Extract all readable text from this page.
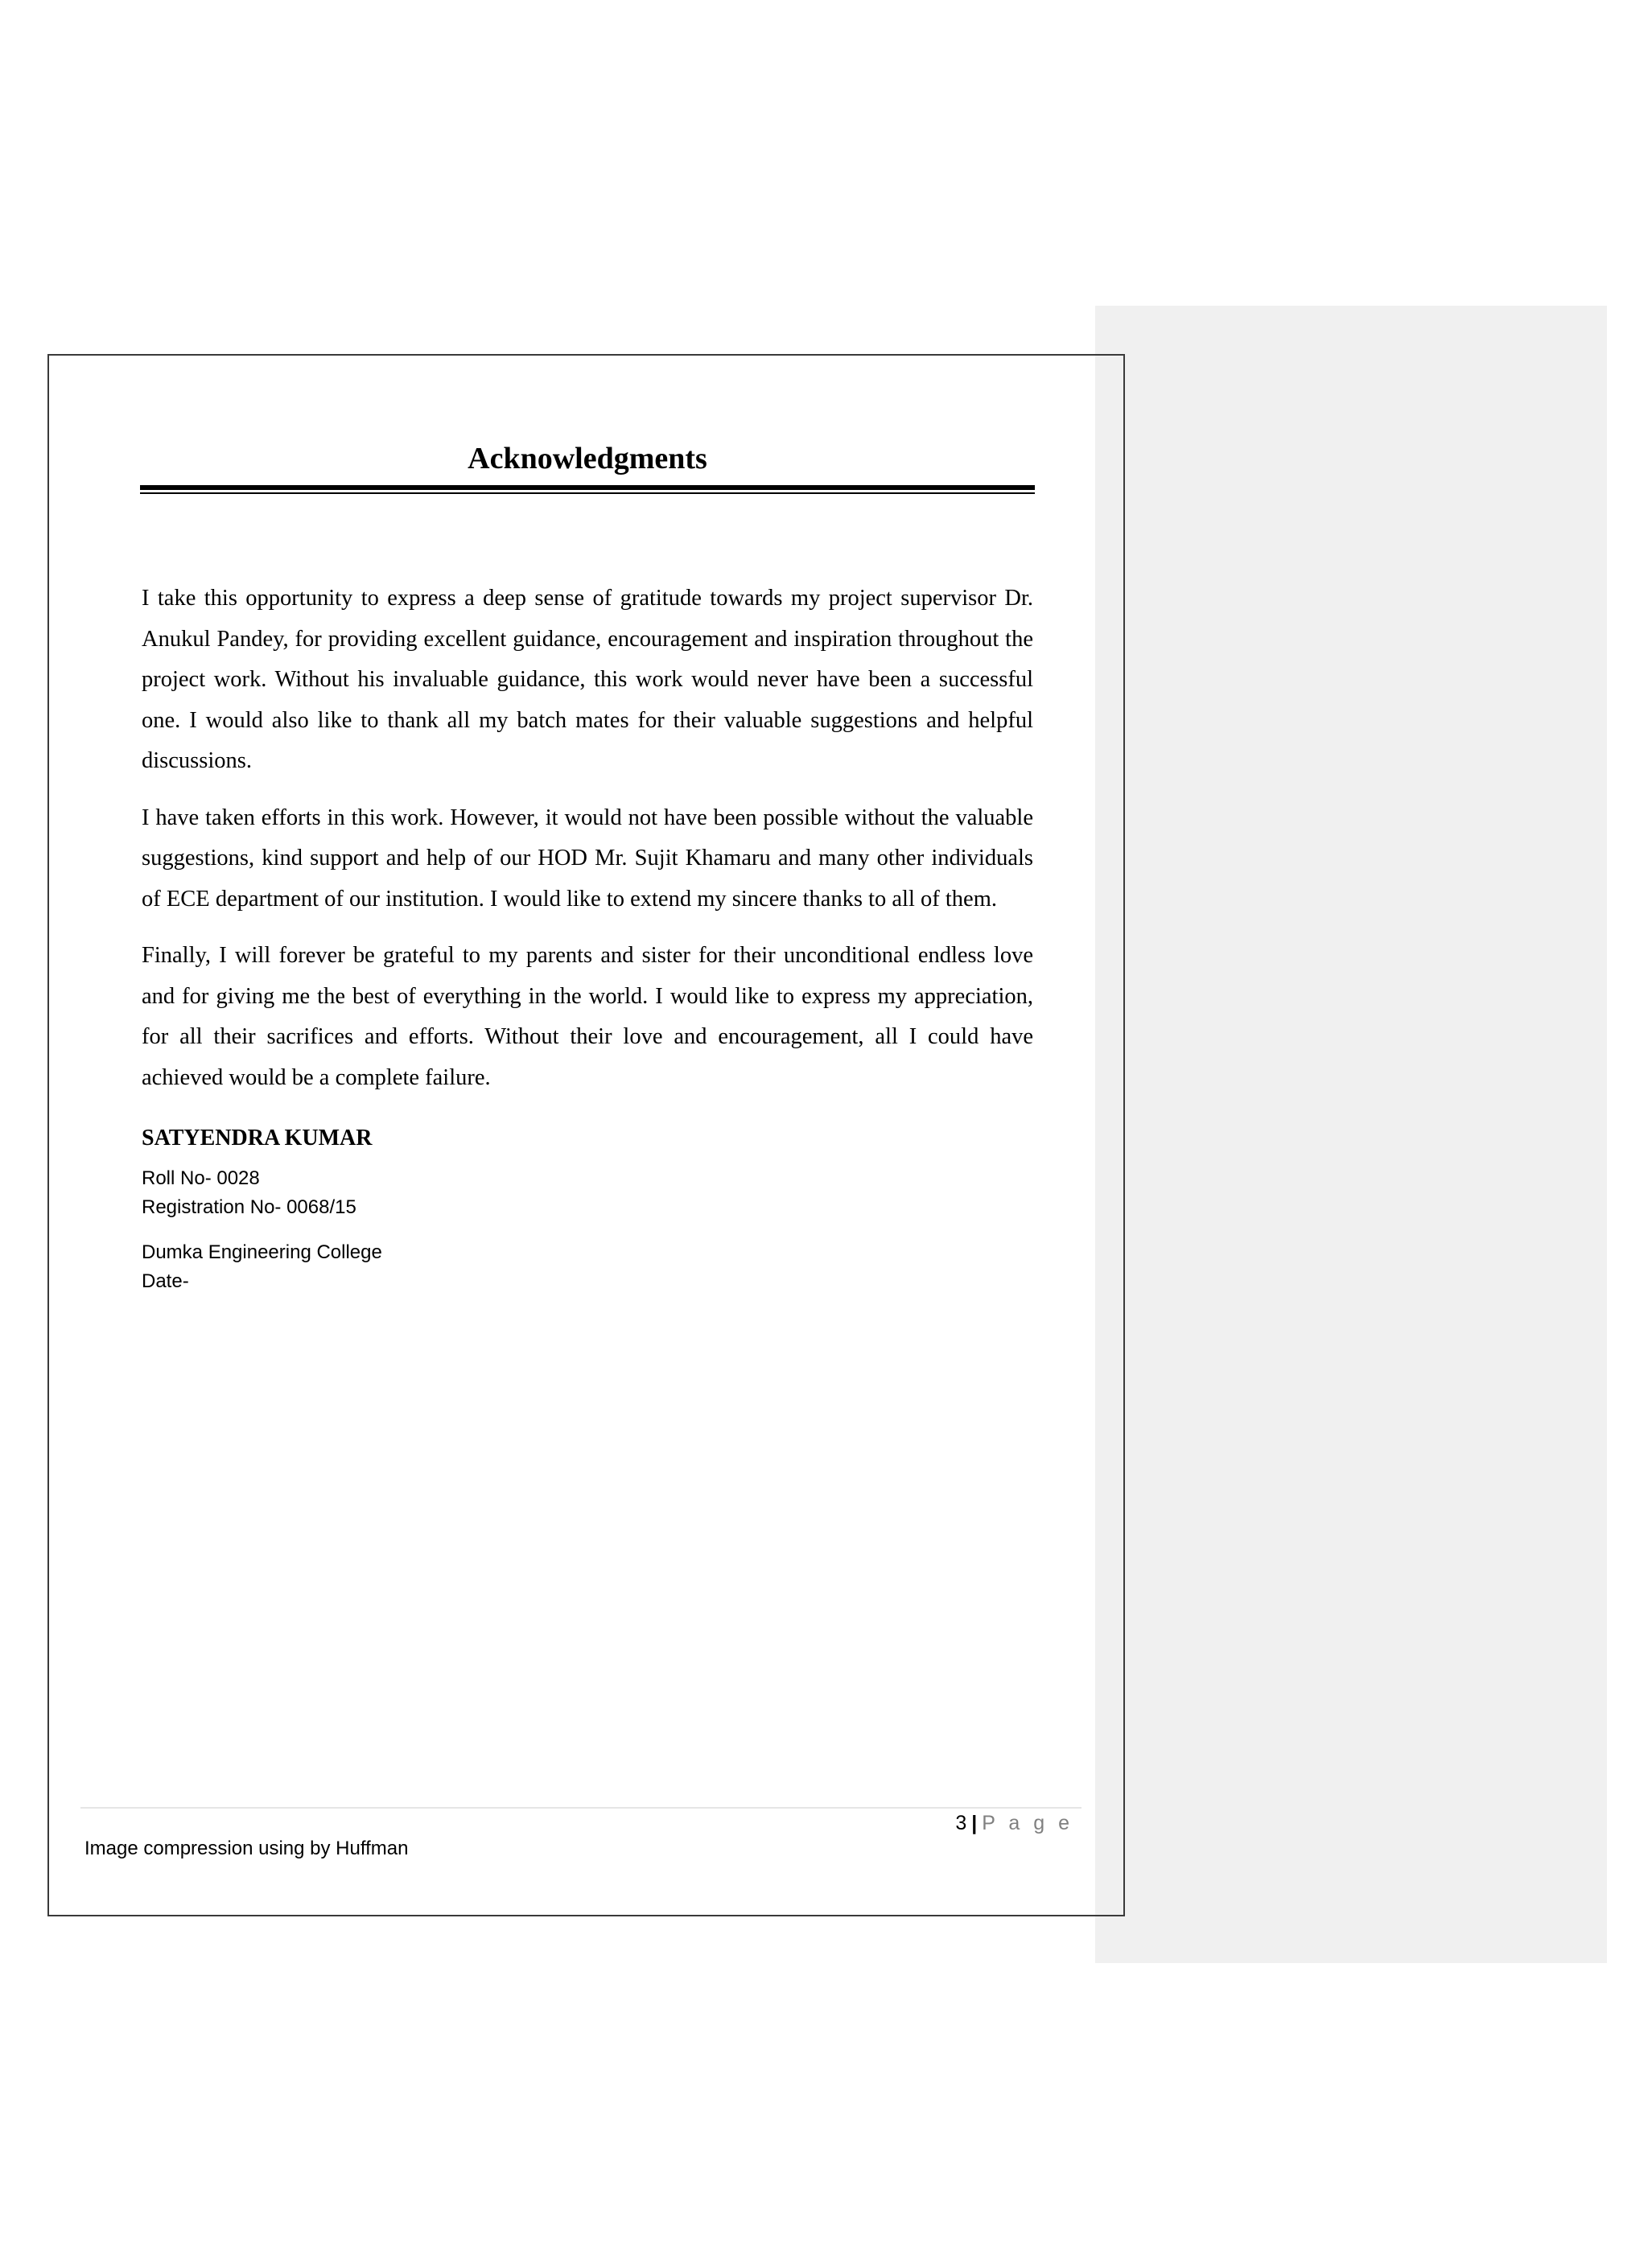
Acknowledgments

I take this opportunity to express a deep sense of gratitude towards my project supervisor Dr. Anukul Pandey, for providing excellent guidance, encouragement and inspiration throughout the project work. Without his invaluable guidance, this work would never have been a successful one. I would also like to thank all my batch mates for their valuable suggestions and helpful discussions.

I have taken efforts in this work. However, it would not have been possible without the valuable suggestions, kind support and help of our HOD Mr. Sujit Khamaru and many other individuals of ECE department of our institution. I would like to extend my sincere thanks to all of them.

Finally, I will forever be grateful to my parents and sister for their unconditional endless love and for giving me the best of everything in the world. I would like to express my appreciation, for all their sacrifices and efforts. Without their love and encouragement, all I could have achieved would be a complete failure.

SATYENDRA KUMAR

Roll No- 0028

Registration No- 0068/15

Dumka Engineering College

Date-

3 | P a g e
Image compression using by Huffman
